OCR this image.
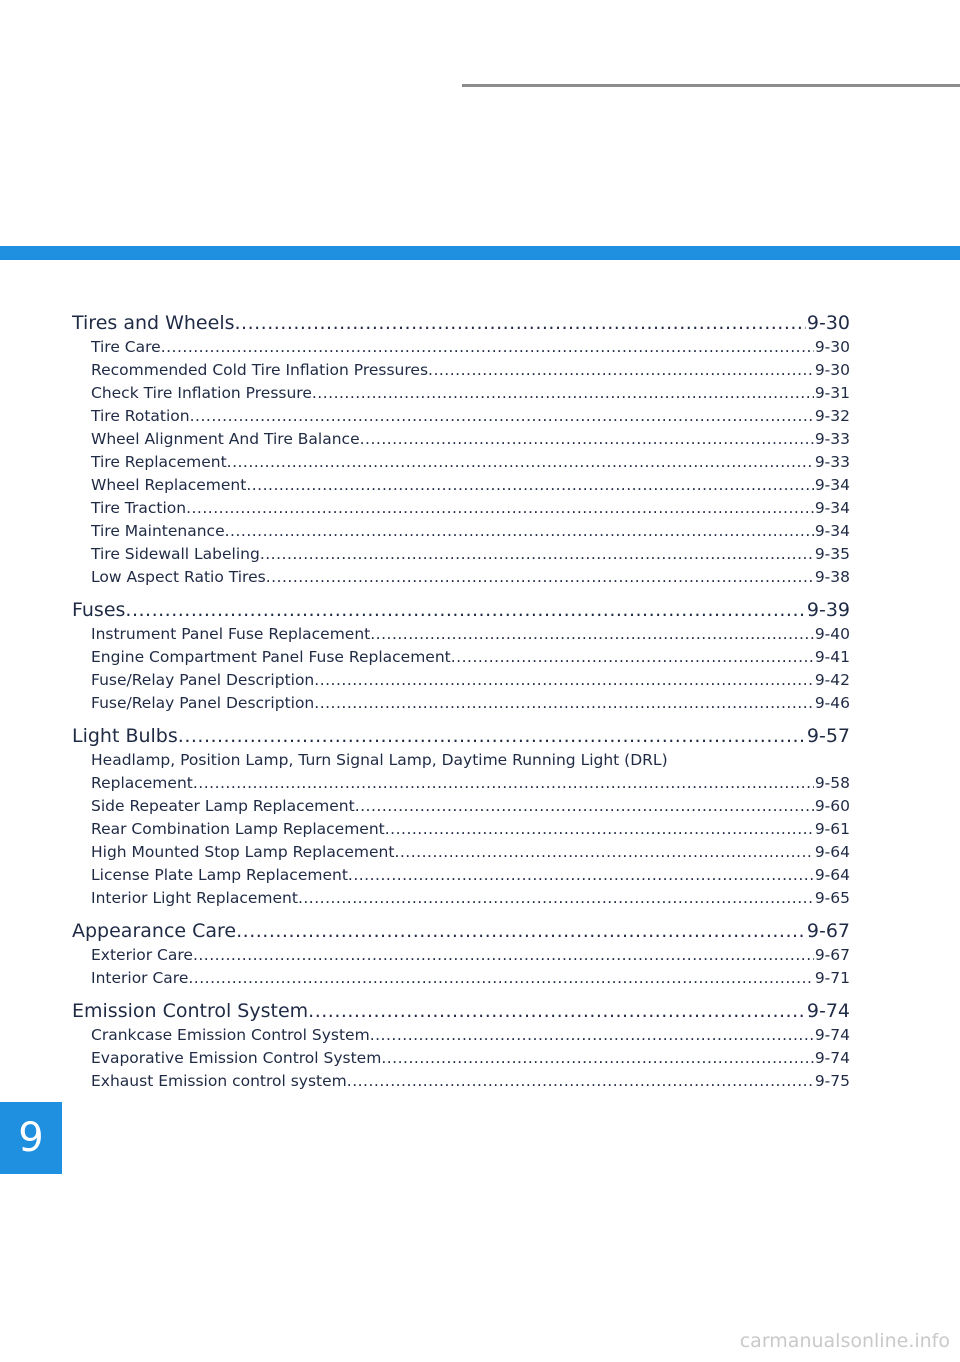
Tires and Wheels .....	9-30
Tire Care .....	9-30
Recommended Cold Tire Inflation Pressures .....	9-30
Check Tire Inflation Pressure .....	9-31
Tire Rotation .....	9-32
Wheel Alignment And Tire Balance .....	9-33
Tire Replacement .....	9-33
Wheel Replacement .....	9-34
Tire Traction .....	9-34
Tire Maintenance .....	9-34
Tire Sidewall Labeling .....	9-35
Low Aspect Ratio Tires .....	9-38
Fuses .....	9-39
Instrument Panel Fuse Replacement .....	9-40
Engine Compartment Panel Fuse Replacement .....	9-41
Fuse/Relay Panel Description .....	9-42
Fuse/Relay Panel Description .....	9-46
Light Bulbs .....	9-57
Headlamp, Position Lamp, Turn Signal Lamp, Daytime Running Light (DRL)
Replacement .....	9-58
Side Repeater Lamp Replacement .....	9-60
Rear Combination Lamp Replacement .....	9-61
High Mounted Stop Lamp Replacement .....	9-64
License Plate Lamp Replacement .....	9-64
Interior Light Replacement .....	9-65
Appearance Care .....	9-67
Exterior Care .....	9-67
Interior Care .....	9-71
Emission Control System .....	9-74
Crankcase Emission Control System .....	9-74
Evaporative Emission Control System .....	9-74
Exhaust Emission control system .....	9-75
9
carmanualsonline.info
